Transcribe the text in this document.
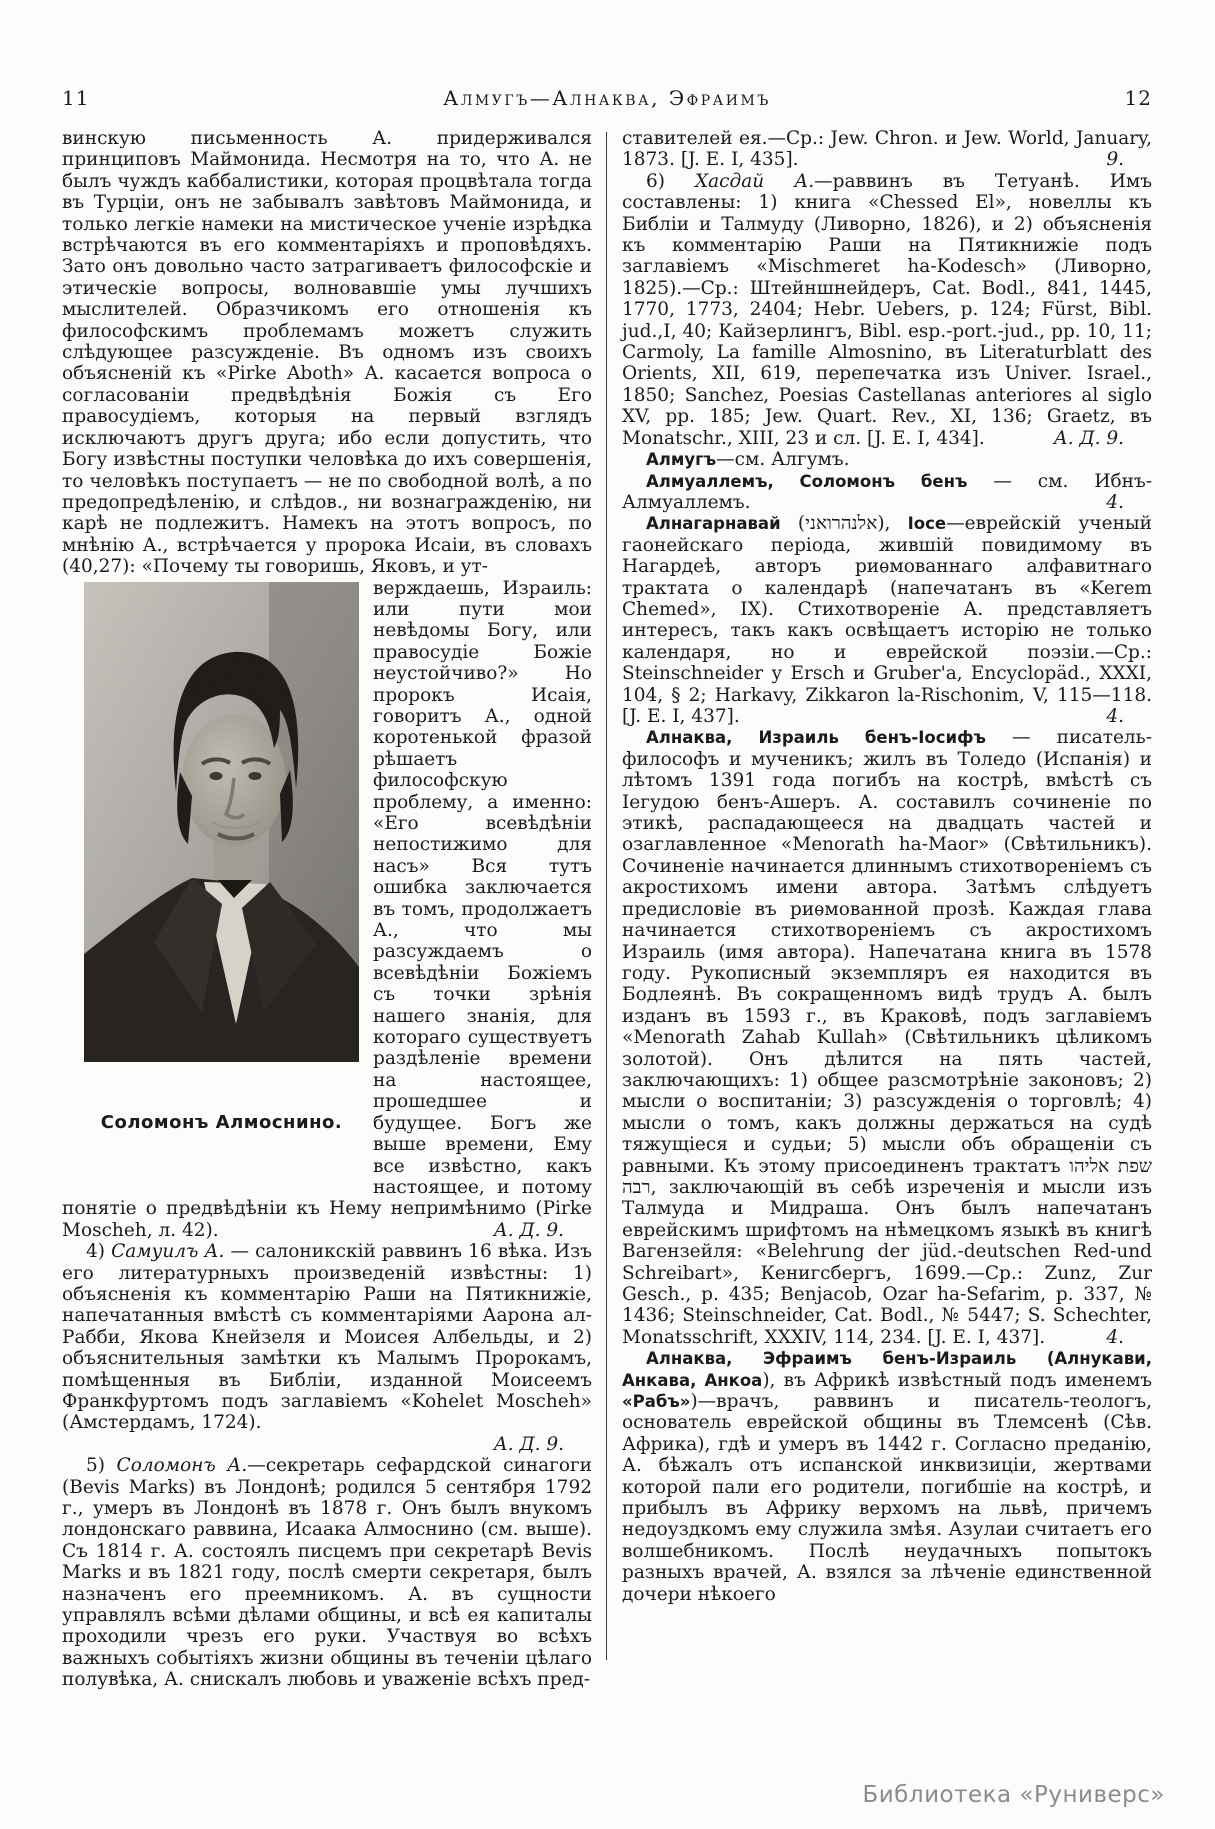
11	Алмугъ—Алнаква, Эфраимъ	12

винскую письменность А. придерживался принциповъ Маймонида. Несмотря на то, что А. не былъ чуждъ каббалистики, которая процвѣтала тогда въ Турціи, онъ не забывалъ завѣтовъ Маймонида, и только легкіе намеки на мистическое ученіе изрѣдка встрѣчаются въ его комментаріяхъ и проповѣдяхъ. Зато онъ довольно часто затрагиваетъ философскіе и этическіе вопросы, волновавшіе умы лучшихъ мыслителей. Образчикомъ его отношенія къ философскимъ проблемамъ можетъ служить слѣдующее разсужденіе. Въ одномъ изъ своихъ объясненій къ «Pirke Aboth» А. касается вопроса о согласованіи предвѣдѣнія Божія съ Его правосудіемъ, которыя на первый взглядъ исключаютъ другъ друга; ибо если допустить, что Богу извѣстны поступки человѣка до ихъ совершенія, то человѣкъ поступаетъ — не по свободной волѣ, а по предопредѣленію, и слѣдов., ни вознагражденію, ни карѣ не подлежитъ. Намекъ на этотъ вопросъ, по мнѣнію А., встрѣчается у пророка Исаіи, въ словахъ (40,27): «Почему ты говоришь, Яковъ, и ут-

Соломонъ Алмоснино.

верждаешь, Израиль: или пути мои невѣдомы Богу, или правосудіе Божіе неустойчиво?» Но пророкъ Исаія, говоритъ А., одной коротенькой фразой рѣшаетъ философскую проблему, а именно: «Его всевѣдѣніи непостижимо для насъ» Вся тутъ ошибка заключается въ томъ, продолжаетъ А., что мы разсуждаемъ о всевѣдѣніи Божіемъ съ точки зрѣнія нашего знанія, для котораго существуетъ раздѣленіе времени на настоящее, прошедшее и будущее. Богъ же выше времени, Ему все извѣстно, какъ настоящее, и потому понятіе о предвѣдѣніи къ Нему непримѣнимо (Pirke Moscheh, л. 42).	А. Д. 9.

4) Самуилъ А. — салоникскій раввинъ 16 вѣка. Изъ его литературныхъ произведеній извѣстны: 1) объясненія къ комментарію Раши на Пятикнижіе, напечатанныя вмѣстѣ съ комментаріями Аарона ал-Рабби, Якова Кнейзеля и Моисея Албельды, и 2) объяснительныя замѣтки къ Малымъ Пророкамъ, помѣщенныя въ Библіи, изданной Моисеемъ Франкфуртомъ подъ заглавіемъ «Kohelet Moscheh» (Амстердамъ, 1724).

А. Д. 9.

5) Соломонъ А.—секретарь сефардской синагоги (Bevis Marks) въ Лондонѣ; родился 5 сентября 1792 г., умеръ въ Лондонѣ въ 1878 г. Онъ былъ внукомъ лондонскаго раввина, Исаака Алмоснино (см. выше). Съ 1814 г. А. состоялъ писцемъ при секретарѣ Bevis Marks и въ 1821 году, послѣ смерти секретаря, былъ назначенъ его преемникомъ. А. въ сущности управлялъ всѣми дѣлами общины, и всѣ ея капиталы проходили чрезъ его руки. Участвуя во всѣхъ важныхъ событіяхъ жизни общины въ теченіи цѣлаго полувѣка, А. снискалъ любовь и уваженіе всѣхъ пред-

ставителей ея.—Ср.: Jew. Chron. и Jew. World, January, 1873. [J. E. I, 435].	9.

6) Хасдай А.—раввинъ въ Тетуанѣ. Имъ составлены: 1) книга «Chessed El», новеллы къ Библіи и Талмуду (Ливорно, 1826), и 2) объясненія къ комментарію Раши на Пятикнижіе подъ заглавіемъ «Mischmeret ha-Kodesch» (Ливорно, 1825).—Ср.: Штейншнейдеръ, Cat. Bodl., 841, 1445, 1770, 1773, 2404; Hebr. Uebers, p. 124; Fürst, Bibl. jud.,I, 40; Кайзерлингъ, Bibl. esp.-port.-jud., pp. 10, 11; Carmoly, La famille Almosnino, въ Literaturblatt des Orients, XII, 619, перепечатка изъ Univer. Israel., 1850; Sanchez, Poesias Castellanas anteriores al siglo XV, pp. 185; Jew. Quart. Rev., XI, 136; Graetz, въ Monatschr., XIII, 23 и сл. [J. E. I, 434].	А. Д. 9.

Алмугъ—см. Алгумъ.

Алмуаллемъ, Соломонъ бенъ — см. Ибнъ-Алмуаллемъ.	4.

Алнагарнавай (אלנהרואני), Іосе—еврейскій ученый гаонейскаго періода, жившій повидимому въ Нагардеѣ, авторъ риѳмованнаго алфавитнаго трактата о календарѣ (напечатанъ въ «Kerem Chemed», IX). Стихотвореніе А. представляетъ интересъ, такъ какъ освѣщаетъ исторію не только календаря, но и еврейской поэзіи.—Ср.: Steinschneider у Ersch и Gruber'a, Encyclopäd., XXXI, 104, § 2; Harkavy, Zikkaron la-Rischonim, V, 115—118. [J. E. I, 437].	4.

Алнаква, Израиль бенъ-Іосифъ — писатель-философъ и мученикъ; жилъ въ Толедо (Испанія) и лѣтомъ 1391 года погибъ на кострѣ, вмѣстѣ съ Іегудою бенъ-Ашеръ. А. составилъ сочиненіе по этикѣ, распадающееся на двадцать частей и озаглавленное «Menorath ha-Maor» (Свѣтильникъ). Сочиненіе начинается длиннымъ стихотвореніемъ съ акростихомъ имени автора. Затѣмъ слѣдуетъ предисловіе въ риѳмованной прозѣ. Каждая глава начинается стихотвореніемъ съ акростихомъ Израиль (имя автора). Напечатана книга въ 1578 году. Рукописный экземпляръ ея находится въ Бодлеянѣ. Въ сокращенномъ видѣ трудъ А. былъ изданъ въ 1593 г., въ Краковѣ, подъ заглавіемъ «Menorath Zahab Kullah» (Свѣтильникъ цѣликомъ золотой). Онъ дѣлится на пять частей, заключающихъ: 1) общее разсмотрѣніе законовъ; 2) мысли о воспитаніи; 3) разсужденія о торговлѣ; 4) мысли о томъ, какъ должны держаться на судѣ тяжущіеся и судьи; 5) мысли объ обращеніи съ равными. Къ этому присоединенъ трактатъ שפת אליהו רבה, заключающій въ себѣ изреченія и мысли изъ Талмуда и Мидраша. Онъ былъ напечатанъ еврейскимъ шрифтомъ на нѣмецкомъ языкѣ въ книгѣ Вагензейля: «Belehrung der jüd.-deutschen Red-und Schreibart», Кенигсбергъ, 1699.—Ср.: Zunz, Zur Gesch., p. 435; Benjacob, Ozar ha-Sefarim, p. 337, № 1436; Steinschneider, Cat. Bodl., № 5447; S. Schechter, Monatsschrift, XXXIV, 114, 234. [J. E. I, 437].	4.

Алнаква, Эфраимъ бенъ-Израиль (Алнукави, Анкава, Анкоа), въ Африкѣ извѣстный подъ именемъ «Рабъ»)—врачъ, раввинъ и писатель-теологъ, основатель еврейской общины въ Тлемсенѣ (Сѣв. Африка), гдѣ и умеръ въ 1442 г. Согласно преданію, А. бѣжалъ отъ испанской инквизиціи, жертвами которой пали его родители, погибшіе на кострѣ, и прибылъ въ Африку верхомъ на львѣ, причемъ недоуздкомъ ему служила змѣя. Азулаи считаетъ его волшебникомъ. Послѣ неудачныхъ попытокъ разныхъ врачей, А. взялся за лѣченіе единственной дочери нѣкоего

Библиотека «Руниверс»
